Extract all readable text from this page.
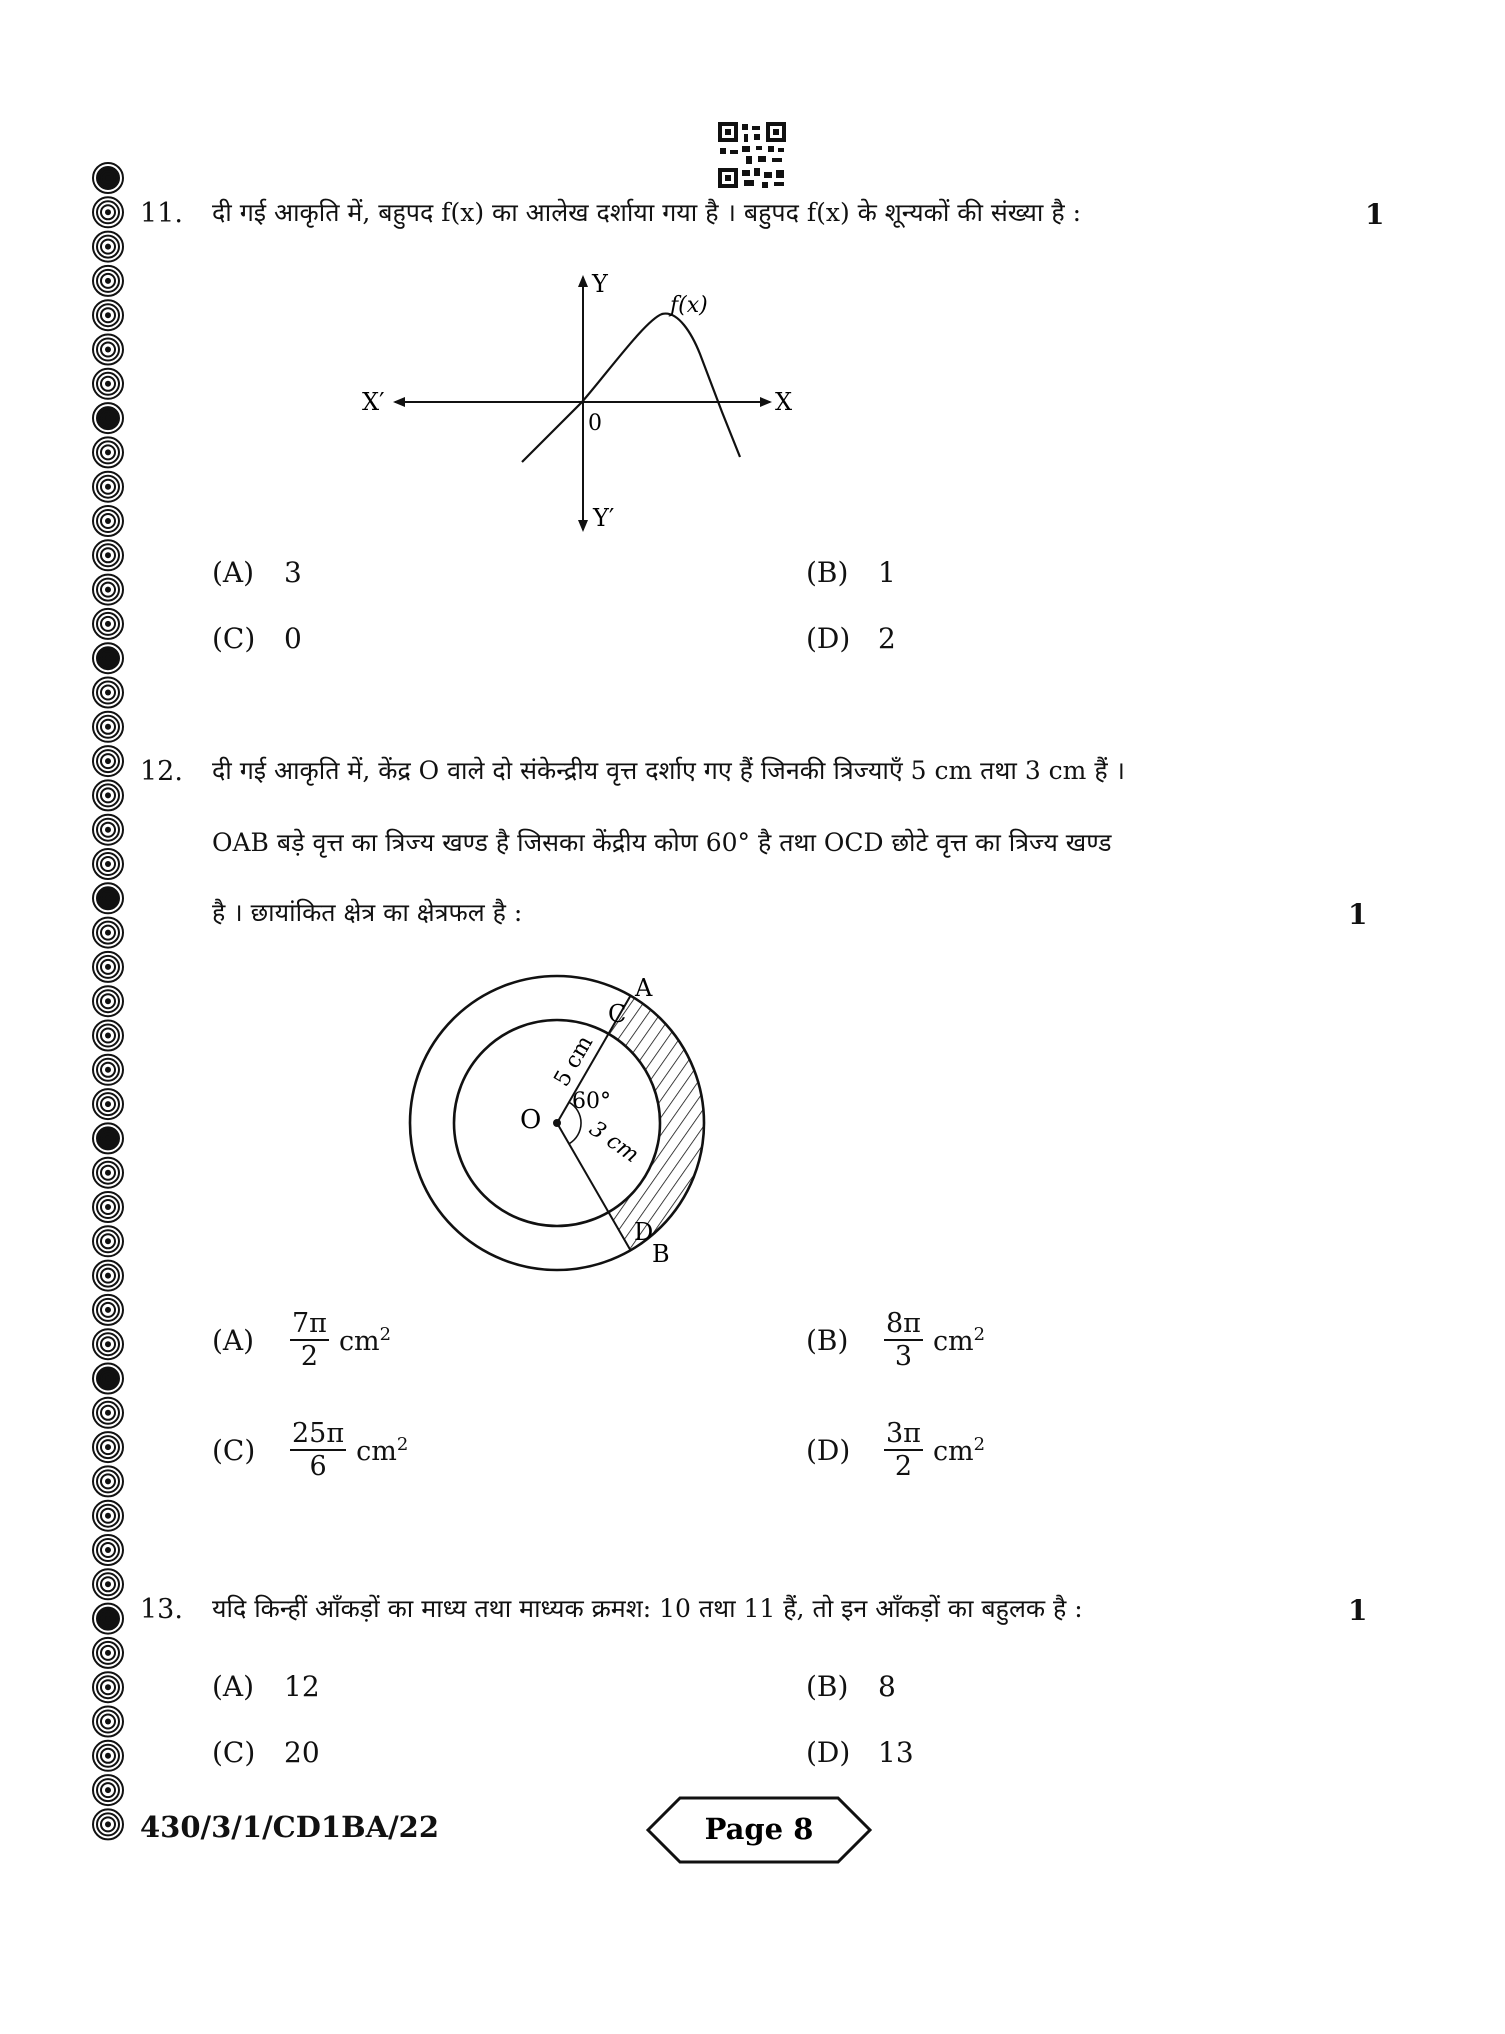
11. दी गई आकृति में, बहुपद f(x) का आलेख दर्शाया गया है । बहुपद f(x) के शून्यकों की संख्या है :	1
Y
Y′
X
X′
0
f(x)
(A) 3	(B) 1
(C) 0	(D) 2
12. दी गई आकृति में, केंद्र O वाले दो संकेन्द्रीय वृत्त दर्शाए गए हैं जिनकी त्रिज्याएँ 5 cm तथा 3 cm हैं ।
OAB बड़े वृत्त का त्रिज्य खण्ड है जिसका केंद्रीय कोण 60° है तथा OCD छोटे वृत्त का त्रिज्य खण्ड
है । छायांकित क्षेत्र का क्षेत्रफल है :	1
O
A
C
D
B
5 cm
3 cm
60°
$(A) \frac{7\pi}{2} cm^2$	$(B) \frac{8\pi}{3} cm^2$
$(C) \frac{25\pi}{6} cm^2$	$(D) \frac{3\pi}{2} cm^2$
13. यदि किन्हीं आँकड़ों का माध्य तथा माध्यक क्रमश: 10 तथा 11 हैं, तो इन आँकड़ों का बहुलक है :	1
(A) 12	(B) 8
(C) 20	(D) 13
430/3/1/CD1BA/22	Page 8
